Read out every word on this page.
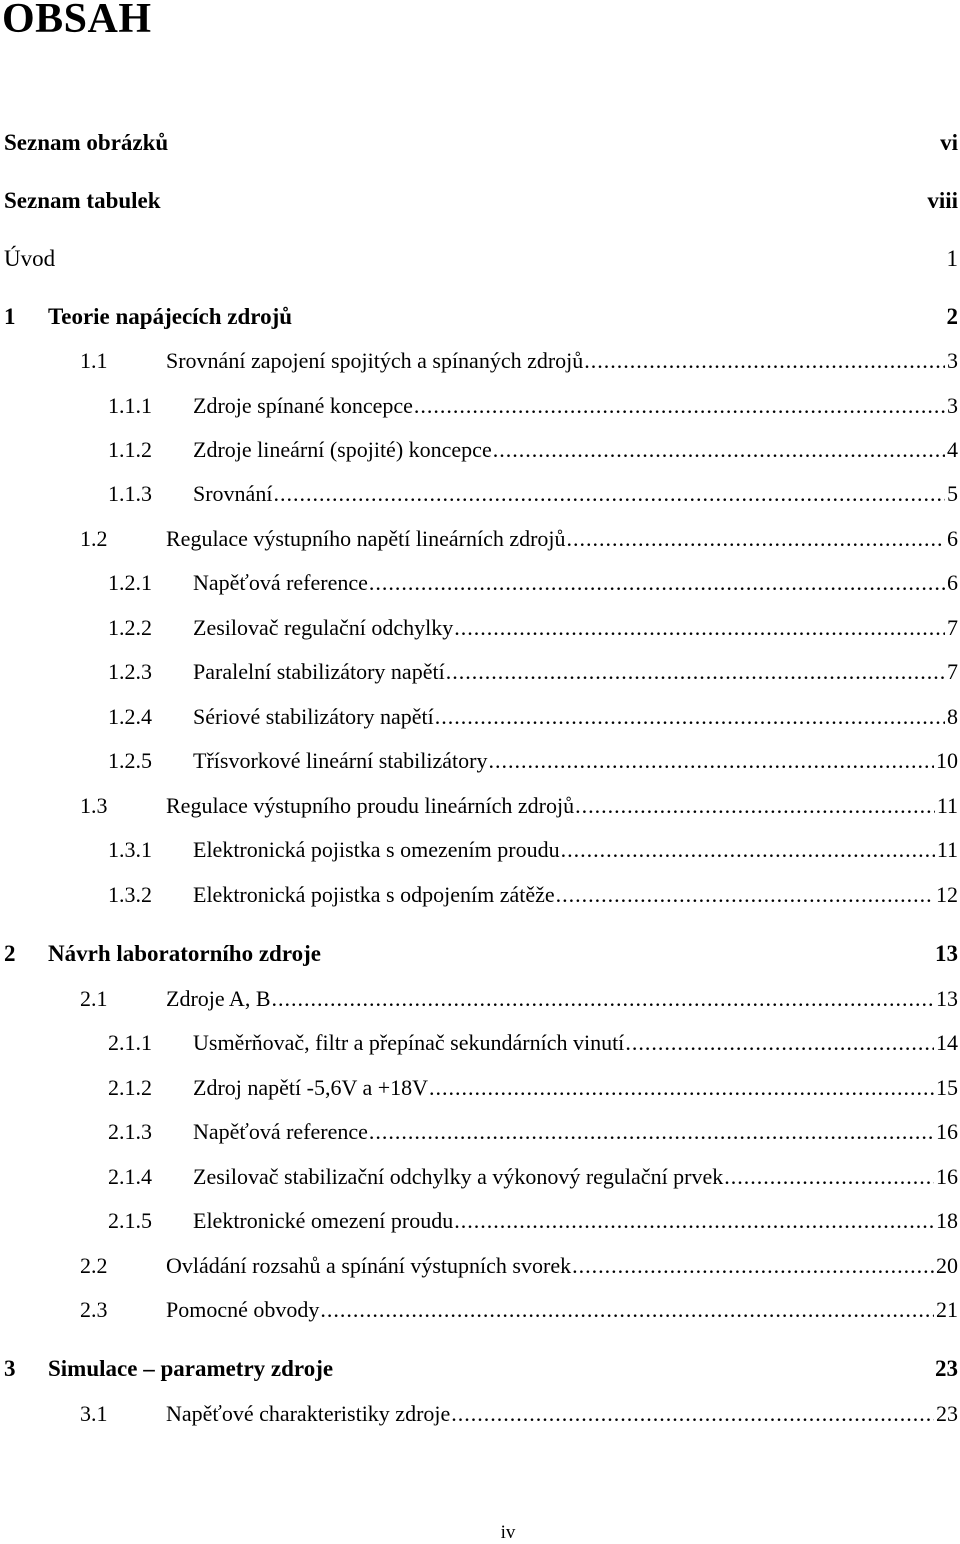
OBSAH
Seznam obrázků	vi
Seznam tabulek	viii
Úvod	1
1	Teorie napájecích zdrojů	2
1.1	Srovnání zapojení spojitých a spínaných zdrojů .....	3
1.1.1	Zdroje spínané koncepce .....	3
1.1.2	Zdroje lineární (spojité) koncepce .....	4
1.1.3	Srovnání .....	5
1.2	Regulace výstupního napětí lineárních zdrojů .....	6
1.2.1	Napěťová reference .....	6
1.2.2	Zesilovač regulační odchylky .....	7
1.2.3	Paralelní stabilizátory napětí .....	7
1.2.4	Sériové stabilizátory napětí .....	8
1.2.5	Třísvorkové lineární stabilizátory .....	10
1.3	Regulace výstupního proudu lineárních zdrojů .....	11
1.3.1	Elektronická pojistka s omezením proudu .....	11
1.3.2	Elektronická pojistka s odpojením zátěže .....	12
2	Návrh laboratorního zdroje	13
2.1	Zdroje A, B .....	13
2.1.1	Usměrňovač, filtr a přepínač sekundárních vinutí .....	14
2.1.2	Zdroj napětí -5,6V a +18V .....	15
2.1.3	Napěťová reference .....	16
2.1.4	Zesilovač stabilizační odchylky a výkonový regulační prvek .....	16
2.1.5	Elektronické omezení proudu .....	18
2.2	Ovládání rozsahů a spínání výstupních svorek .....	20
2.3	Pomocné obvody .....	21
3	Simulace – parametry zdroje	23
3.1	Napěťové charakteristiky zdroje .....	23
iv
